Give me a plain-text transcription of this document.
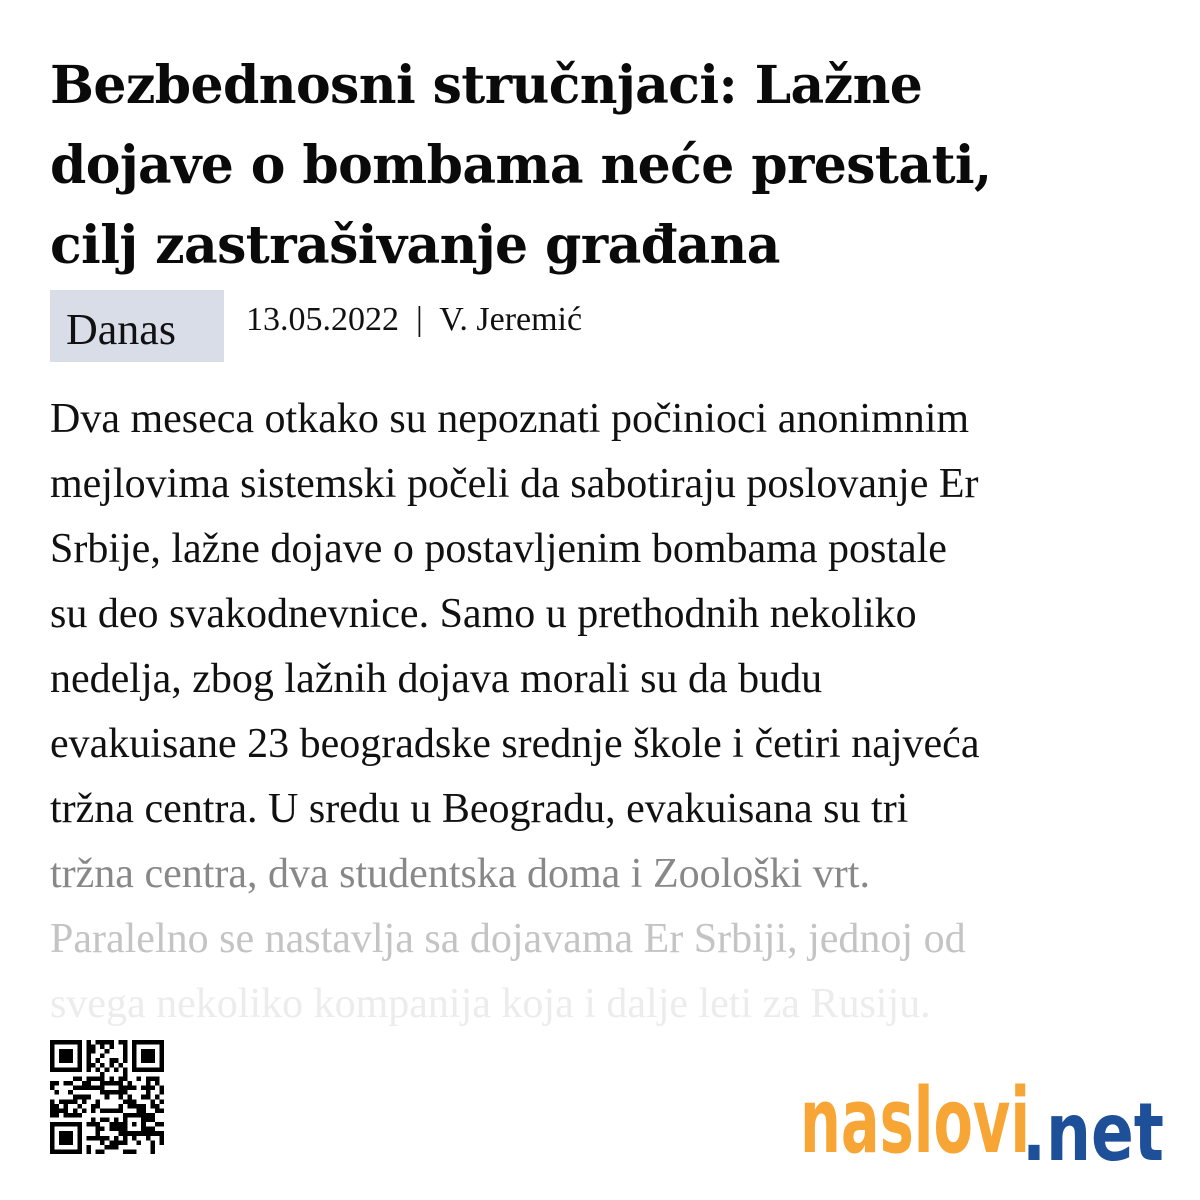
Bezbednosni stručnjaci: Lažne
dojave o bombama neće prestati,
cilj zastrašivanje građana
Danas	13.05.2022 | V. Jeremić
Dva meseca otkako su nepoznati počinioci anonimnim
mejlovima sistemski počeli da sabotiraju poslovanje Er
Srbije, lažne dojave o postavljenim bombama postale
su deo svakodnevnice. Samo u prethodnih nekoliko
nedelja, zbog lažnih dojava morali su da budu
evakuisane 23 beogradske srednje škole i četiri najveća
tržna centra. U sredu u Beogradu, evakuisana su tri
tržna centra, dva studentska doma i Zoološki vrt.
Paralelno se nastavlja sa dojavama Er Srbiji, jednoj od
svega nekoliko kompanija koja i dalje leti za Rusiju.
naslovi
.net
